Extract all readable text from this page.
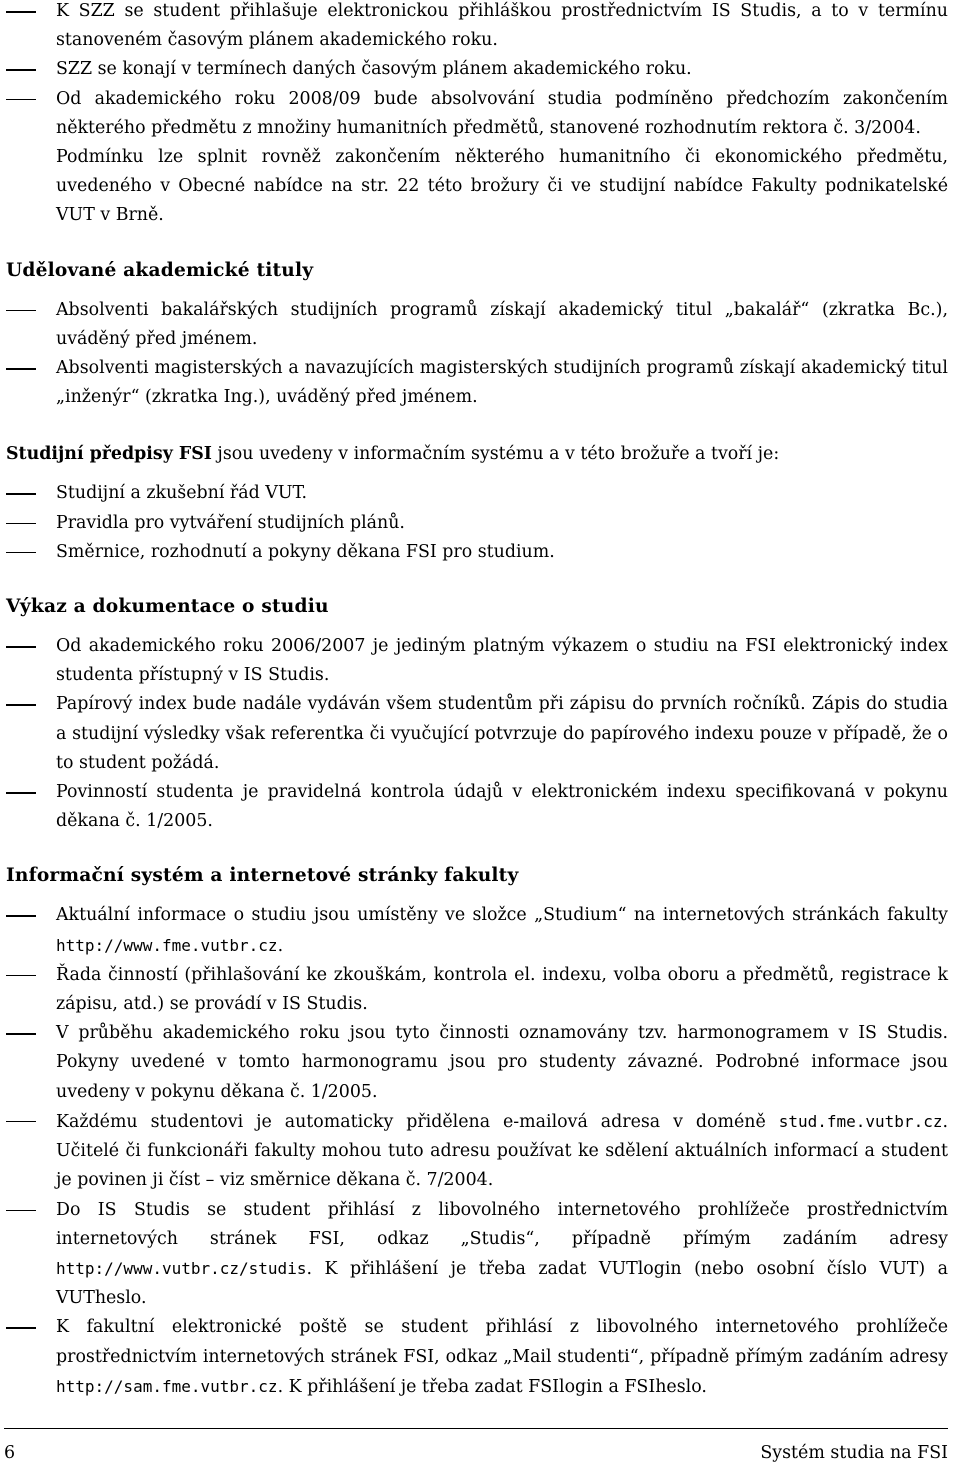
K SZZ se student přihlašuje elektronickou přihláškou prostřednictvím IS Studis, a to v termínu stanoveném časovým plánem akademického roku.

SZZ se konají v termínech daných časovým plánem akademického roku.

Od akademického roku 2008/09 bude absolvování studia podmíněno předchozím zakončením některého předmětu z množiny humanitních předmětů, stanovené rozhodnutím rektora č. 3/2004.

Podmínku lze splnit rovněž zakončením některého humanitního či ekonomického předmětu, uvedeného v Obecné nabídce na str. 22 této brožury či ve studijní nabídce Fakulty podnikatelské VUT v Brně.

Udělované akademické tituly

Absolventi bakalářských studijních programů získají akademický titul „bakalář“ (zkratka Bc.), uváděný před jménem.

Absolventi magisterských a navazujících magisterských studijních programů získají akademický titul „inženýr“ (zkratka Ing.), uváděný před jménem.

Studijní předpisy FSI jsou uvedeny v informačním systému a v této brožuře a tvoří je:

Studijní a zkušební řád VUT.

Pravidla pro vytváření studijních plánů.

Směrnice, rozhodnutí a pokyny děkana FSI pro studium.

Výkaz a dokumentace o studiu

Od akademického roku 2006/2007 je jediným platným výkazem o studiu na FSI elektronický index studenta přístupný v IS Studis.

Papírový index bude nadále vydáván všem studentům při zápisu do prvních ročníků. Zápis do studia a studijní výsledky však referentka či vyučující potvrzuje do papírového indexu pouze v případě, že o to student požádá.

Povinností studenta je pravidelná kontrola údajů v elektronickém indexu specifikovaná v pokynu děkana č. 1/2005.

Informační systém a internetové stránky fakulty

Aktuální informace o studiu jsou umístěny ve složce „Studium“ na internetových stránkách fakulty http://www.fme.vutbr.cz.

Řada činností (přihlašování ke zkouškám, kontrola el. indexu, volba oboru a předmětů, registrace k zápisu, atd.) se provádí v IS Studis.

V průběhu akademického roku jsou tyto činnosti oznamovány tzv. harmonogramem v IS Studis. Pokyny uvedené v tomto harmonogramu jsou pro studenty závazné. Podrobné informace jsou uvedeny v pokynu děkana č. 1/2005.

Každému studentovi je automaticky přidělena e-mailová adresa v doméně stud.fme.vutbr.cz. Učitelé či funkcionáři fakulty mohou tuto adresu používat ke sdělení aktuálních informací a student je povinen ji číst – viz směrnice děkana č. 7/2004.

Do IS Studis se student přihlásí z libovolného internetového prohlížeče prostřednictvím internetových stránek FSI, odkaz „Studis“, případně přímým zadáním adresy http://www.vutbr.cz/studis. K přihlášení je třeba zadat VUTlogin (nebo osobní číslo VUT) a VUTheslo.

K fakultní elektronické poště se student přihlásí z libovolného internetového prohlížeče prostřednictvím internetových stránek FSI, odkaz „Mail studenti“, případně přímým zadáním adresy http://sam.fme.vutbr.cz. K přihlášení je třeba zadat FSIlogin a FSIheslo.

6	Systém studia na FSI
